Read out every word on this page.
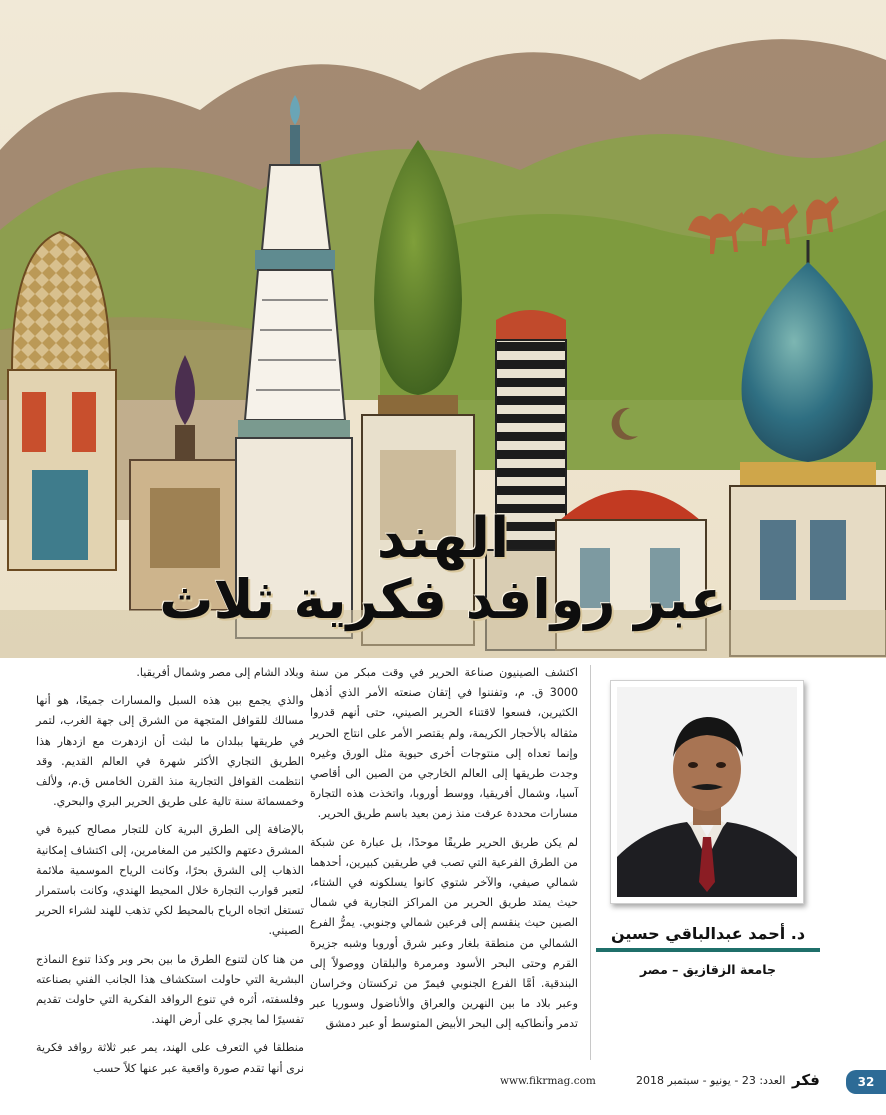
الهند
عبر روافد فكرية ثلاث

اكتشف الصينيون صناعة الحرير في وقت مبكر من سنة 3000 ق. م، وتفننوا في إتقان صنعته الأمر الذي أذهل الكثيرين، فسعوا لاقتناء الحرير الصيني، حتى أنهم قدروا مثقاله بالأحجار الكريمة، ولم يقتصر الأمر على انتاج الحرير وإنما تعداه إلى منتوجات أخرى حيوية مثل الورق وغيره وجدت طريقها إلى العالم الخارجي من الصين الى أقاصي آسيا، وشمال أفريقيا، ووسط أوروبا، واتخذت هذه التجارة مسارات محددة عرفت منذ زمن بعيد باسم طريق الحرير.

لم يكن طريق الحرير طريقًا موحدًا، بل عبارة عن شبكة من الطرق الفرعية التي تصب في طريقين كبيرين، أحدهما شمالي صيفي، والآخر شتوي كانوا يسلكونه في الشتاء، حيث يمتد طريق الحرير من المراكز التجارية في شمال الصين حيث ينقسم إلى فرعين شمالي وجنوبي. يمرُّ الفرع الشمالي من منطقة بلغار وعبر شرق أوروبا وشبه جزيرة القرم وحتى البحر الأسود ومرمرة والبلقان ووصولاً إلى البندقية. أمَّا الفرع الجنوبي فيمرّ من تركستان وخراسان وعبر بلاد ما بين النهرين والعراق والأناضول وسوريا عبر تدمر وأنطاكيه إلى البحر الأبيض المتوسط أو عبر دمشق

وبلاد الشام إلى مصر وشمال أفريقيا.

والذي يجمع بين هذه السبل والمسارات جميعًا، هو أنها مسالك للقوافل المتجهة من الشرق إلى جهة الغرب، لتمر في طريقها ببلدان ما لبثت أن ازدهرت مع ازدهار هذا الطريق التجاري الأكثر شهرة في العالم القديم. وقد انتظمت القوافل التجارية منذ القرن الخامس ق.م، ولألف وخمسمائة سنة تالية على طريق الحرير البري والبحري.

بالإضافة إلى الطرق البرية كان للتجار مصالح كبيرة في المشرق دعتهم والكثير من المغامرين، إلى اكتشاف إمكانية الذهاب إلى الشرق بحرًا، وكانت الرياح الموسمية ملائمة لتعبر قوارب التجارة خلال المحيط الهندي، وكانت باستمرار تستغل اتجاه الرياح بالمحيط لكي تذهب للهند لشراء الحرير الصيني.

من هنا كان لتنوع الطرق ما بين بحر وبر وكذا تنوع النماذج البشرية التي حاولت استكشاف هذا الجانب الفني بصناعته وفلسفته، أثره في تنوع الروافد الفكرية التي حاولت تقديم تفسيرًا لما يجري على أرض الهند.

منطلقا في التعرف على الهند، يمر عبر ثلاثة روافد فكرية نرى أنها تقدم صورة واقعية عبر عنها كلاً حسب

د. أحمد عبدالباقي حسين
جامعة الزقازيق – مصر
www.fikrmag.com	العدد: 23 - يونيو - سبتمبر 2018 فكر	32
